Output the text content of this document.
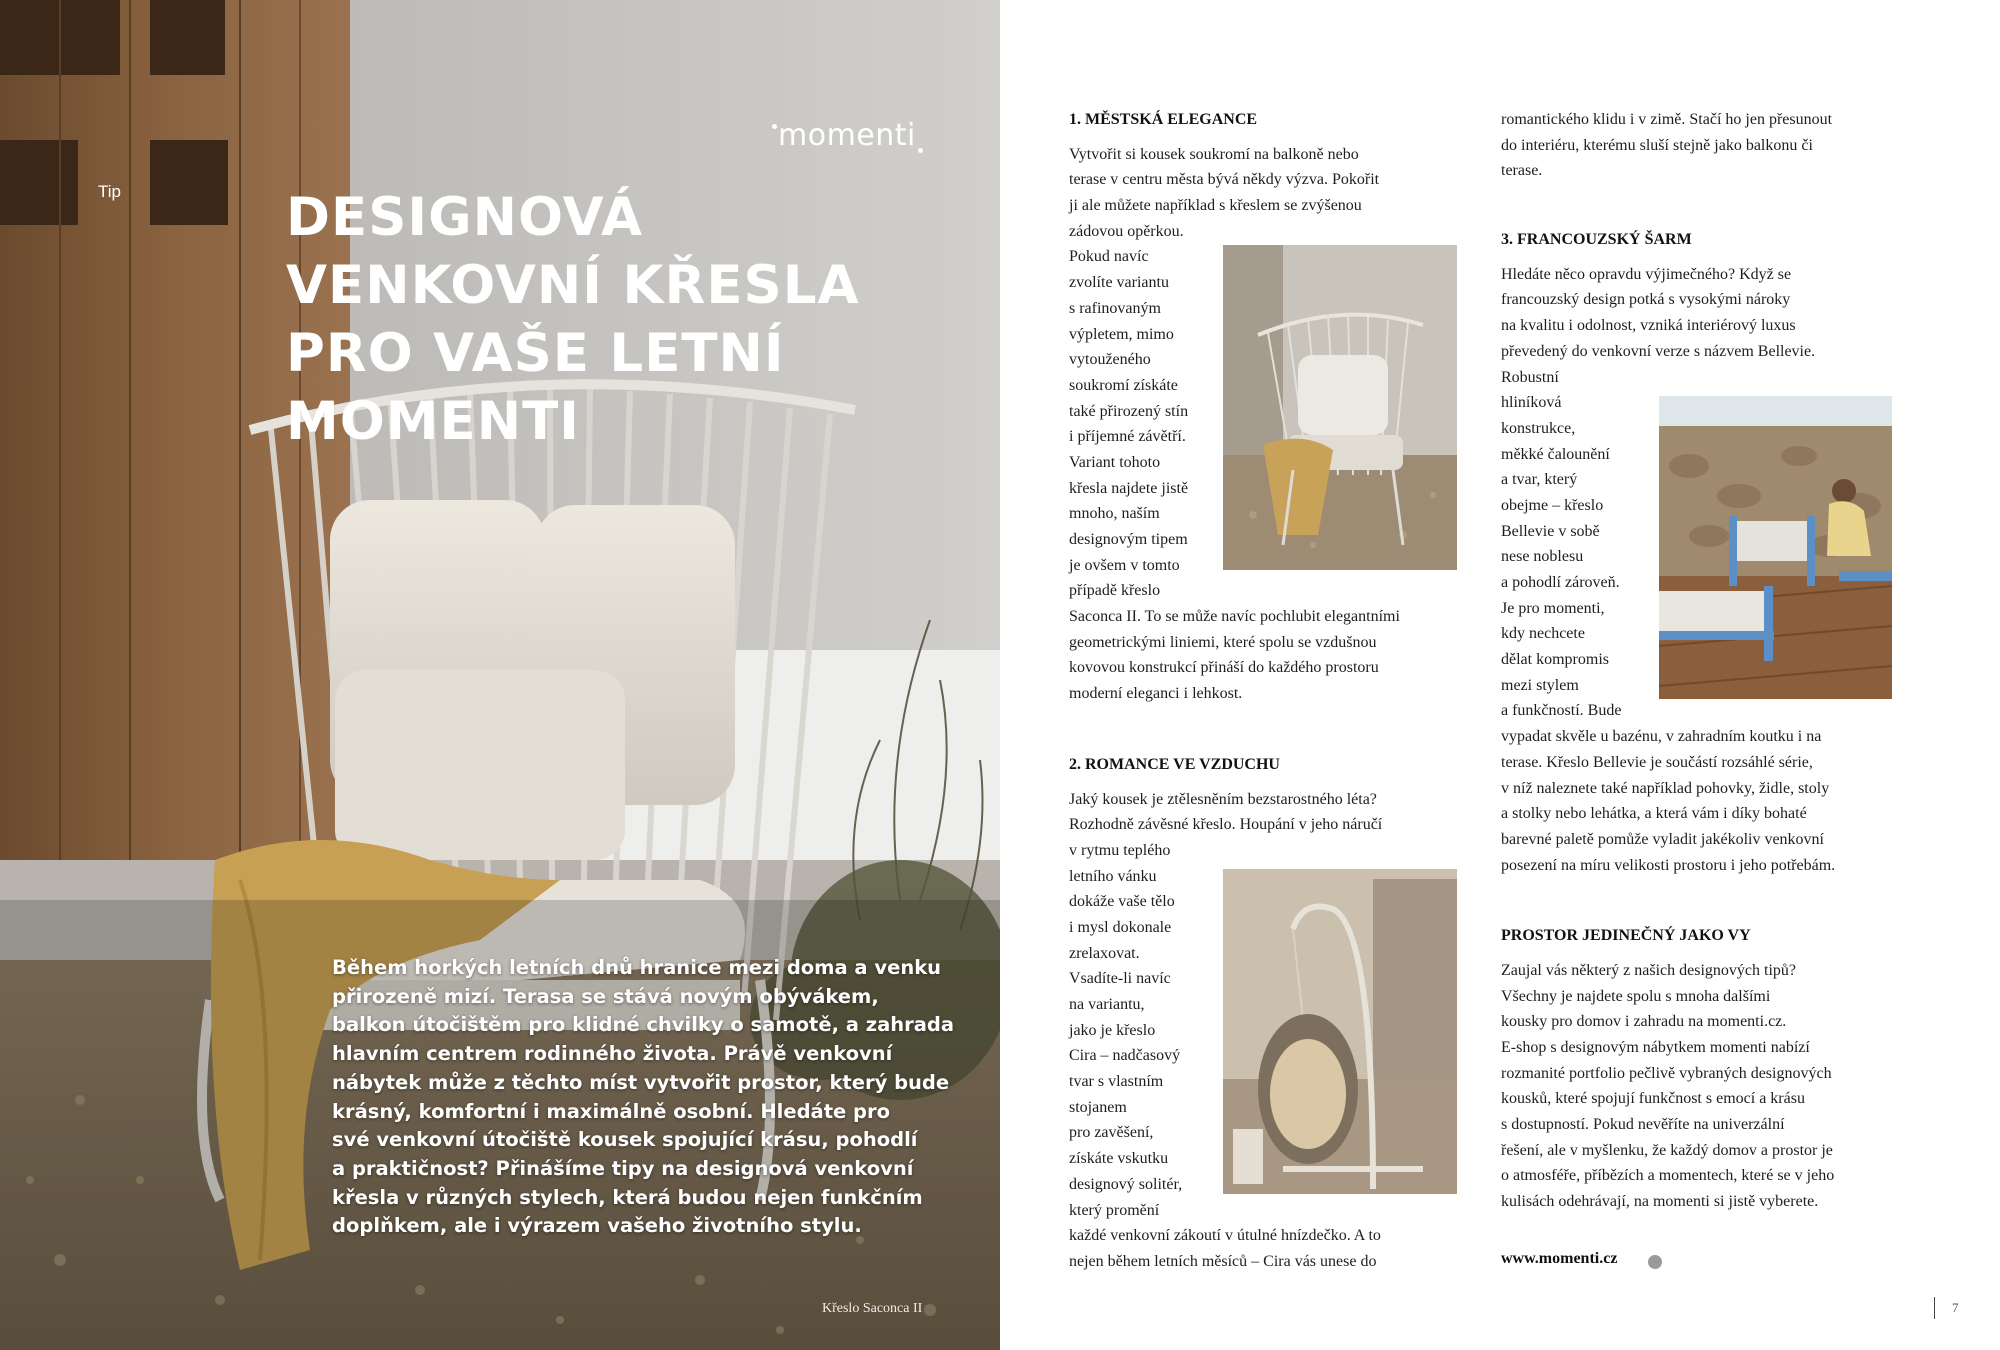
Tip
momenti
DESIGNOVÁ
VENKOVNÍ KŘESLA
PRO VAŠE LETNÍ
MOMENTI

Během horkých letních dnů hranice mezi doma a venku
přirozeně mizí. Terasa se stává novým obývákem,
balkon útočištěm pro klidné chvilky o samotě, a zahrada
hlavním centrem rodinného života. Právě venkovní
nábytek může z těchto míst vytvořit prostor, který bude
krásný, komfortní i maximálně osobní. Hledáte pro
své venkovní útočiště kousek spojující krásu, pohodlí
a praktičnost? Přinášíme tipy na designová venkovní
křesla v různých stylech, která budou nejen funkčním
doplňkem, ale i výrazem vašeho životního stylu.

Křeslo Saconca II
1. MĚSTSKÁ ELEGANCE
Vytvořit si kousek soukromí na balkoně nebo
terase v centru města bývá někdy výzva. Pokořit
ji ale můžete například s křeslem se zvýšenou
zádovou opěrkou.
Pokud navíc
zvolíte variantu
s rafinovaným
výpletem, mimo
vytouženého
soukromí získáte
také přirozený stín
i příjemné závětří.
Variant tohoto
křesla najdete jistě
mnoho, naším
designovým tipem
je ovšem v tomto
případě křeslo
Saconca II. To se může navíc pochlubit elegantními
geometrickými liniemi, které spolu se vzdušnou
kovovou konstrukcí přináší do každého prostoru
moderní eleganci i lehkost.
2. ROMANCE VE VZDUCHU
Jaký kousek je ztělesněním bezstarostného léta?
Rozhodně závěsné křeslo. Houpání v jeho náručí
v rytmu teplého
letního vánku
dokáže vaše tělo
i mysl dokonale
zrelaxovat.
Vsadíte-li navíc
na variantu,
jako je křeslo
Cira – nadčasový
tvar s vlastním
stojanem
pro zavěšení,
získáte vskutku
designový solitér,
který promění
každé venkovní zákoutí v útulné hnízdečko. A to
nejen během letních měsíců – Cira vás unese do
romantického klidu i v zimě. Stačí ho jen přesunout
do interiéru, kterému sluší stejně jako balkonu či
terase.
3. FRANCOUZSKÝ ŠARM
Hledáte něco opravdu výjimečného? Když se
francouzský design potká s vysokými nároky
na kvalitu i odolnost, vzniká interiérový luxus
převedený do venkovní verze s názvem Bellevie.
Robustní
hliníková
konstrukce,
měkké čalounění
a tvar, který
obejme – křeslo
Bellevie v sobě
nese noblesu
a pohodlí zároveň.
Je pro momenti,
kdy nechcete
dělat kompromis
mezi stylem
a funkčností. Bude
vypadat skvěle u bazénu, v zahradním koutku i na
terase. Křeslo Bellevie je součástí rozsáhlé série,
v níž naleznete také například pohovky, židle, stoly
a stolky nebo lehátka, a která vám i díky bohaté
barevné paletě pomůže vyladit jakékoliv venkovní
posezení na míru velikosti prostoru i jeho potřebám.
PROSTOR JEDINEČNÝ JAKO VY
Zaujal vás některý z našich designových tipů?
Všechny je najdete spolu s mnoha dalšími
kousky pro domov i zahradu na momenti.cz.
E-shop s designovým nábytkem momenti nabízí
rozmanité portfolio pečlivě vybraných designových
kousků, které spojují funkčnost s emocí a krásu
s dostupností. Pokud nevěříte na univerzální
řešení, ale v myšlenku, že každý domov a prostor je
o atmosféře, příbězích a momentech, které se v jeho
kulisách odehrávají, na momenti si jistě vyberete.
www.momenti.cz
7
